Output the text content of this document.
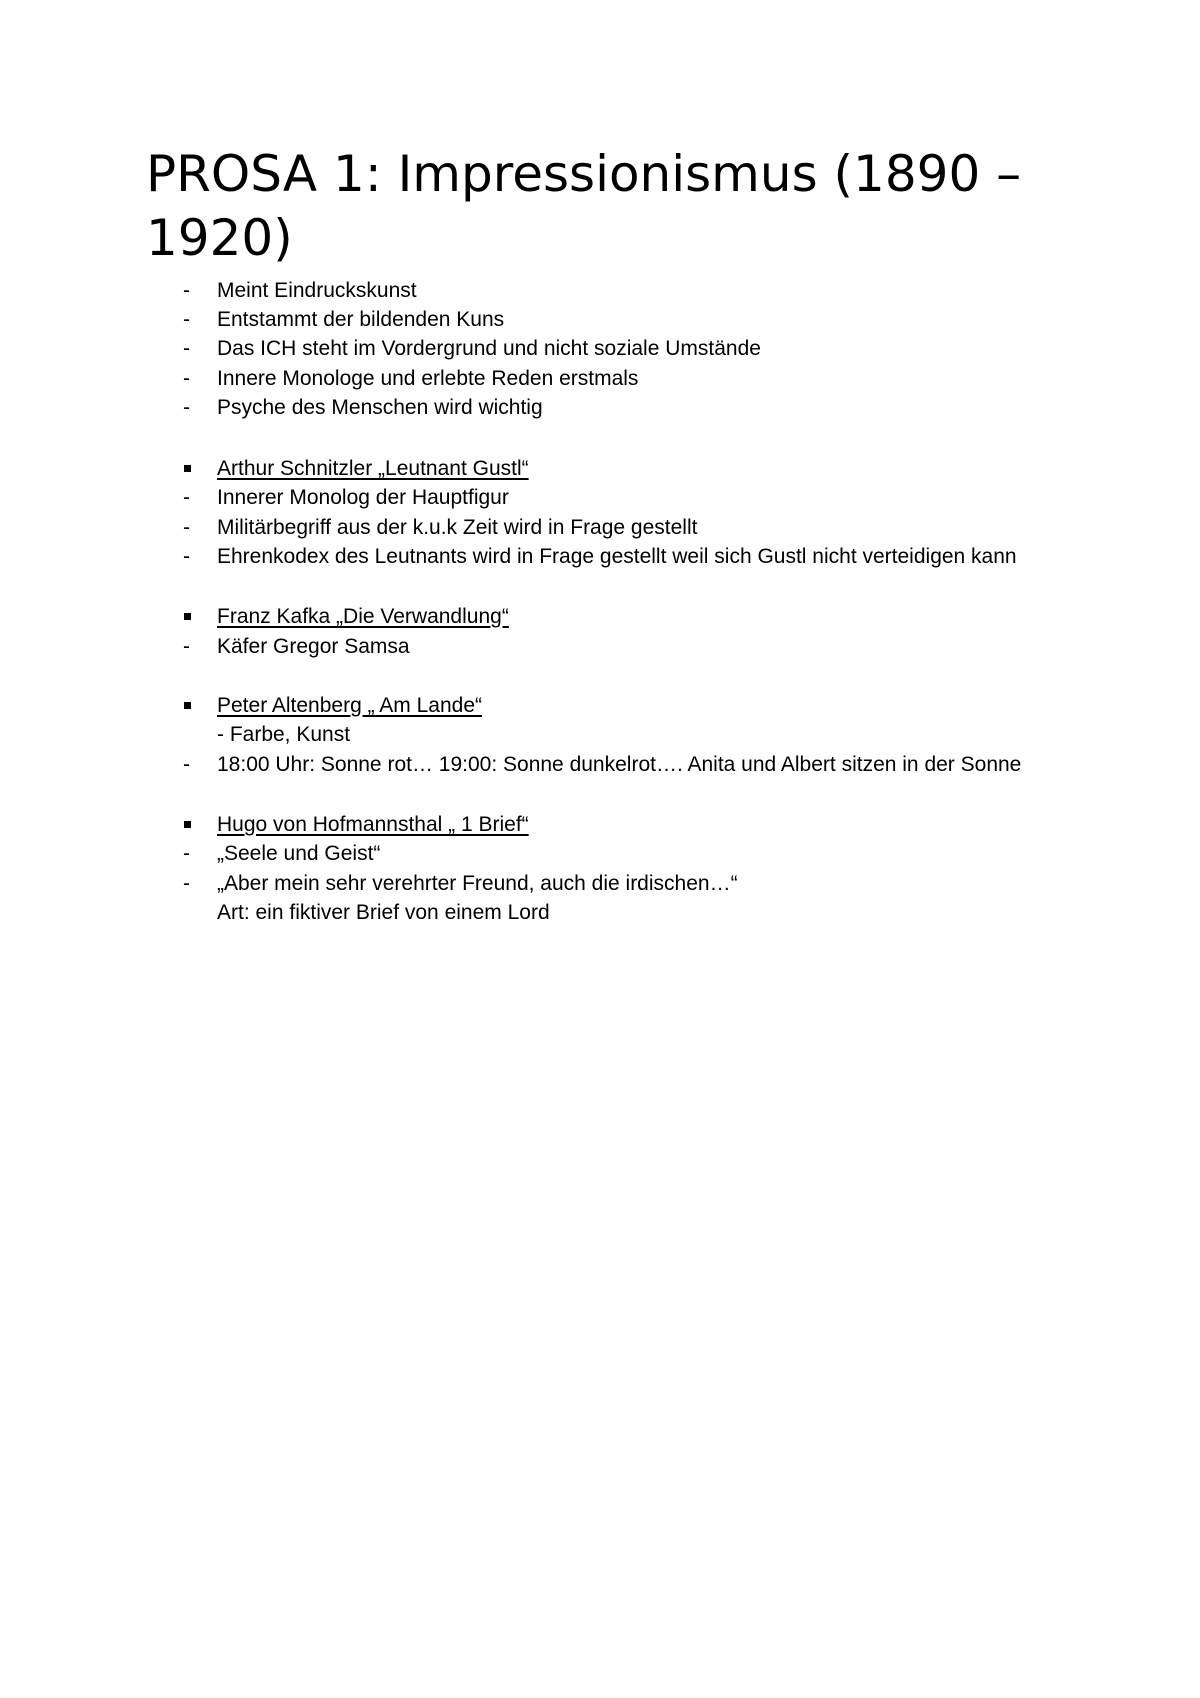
PROSA 1: Impressionismus (1890 – 1920)
-	Meint Eindruckskunst
-	Entstammt der bildenden Kuns
-	Das ICH steht im Vordergrund und nicht soziale Umstände
-	Innere Monologe und erlebte Reden erstmals
-	Psyche des Menschen wird wichtig
Arthur Schnitzler „Leutnant Gustl“
-	Innerer Monolog der Hauptfigur
-	Militärbegriff aus der k.u.k Zeit wird in Frage gestellt
-	Ehrenkodex des Leutnants wird in Frage gestellt weil sich Gustl nicht verteidigen kann
Franz Kafka „Die Verwandlung“
-	Käfer Gregor Samsa
Peter Altenberg „ Am Lande“
- Farbe, Kunst
-	18:00 Uhr: Sonne rot… 19:00: Sonne dunkelrot…. Anita und Albert sitzen in der Sonne
Hugo von Hofmannsthal „ 1 Brief“
-	„Seele und Geist“
-	„Aber mein sehr verehrter Freund, auch die irdischen…“
Art: ein fiktiver Brief von einem Lord
